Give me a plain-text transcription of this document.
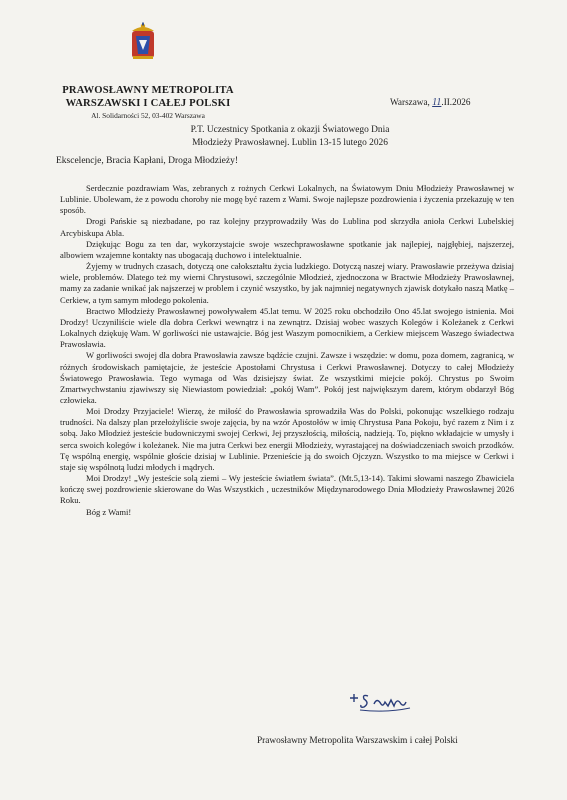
PRAWOSŁAWNY METROPOLITA
WARSZAWSKI I CAŁEJ POLSKI
Al. Solidarności 52, 03-402 Warszawa
Warszawa, 11.II.2026
P.T. Uczestnicy Spotkania z okazji Światowego Dnia
Młodzieży Prawosławnej. Lublin 13-15 lutego 2026
Ekscelencje, Bracia Kapłani, Droga Młodzieży!

Serdecznie pozdrawiam Was, zebranych z rożnych Cerkwi Lokalnych, na Światowym Dniu Młodzieży Prawosławnej w Lublinie. Ubolewam, że z powodu choroby nie mogę być razem z Wami. Swoje najlepsze pozdrowienia i życzenia przekazuję w ten sposób.

Drogi Pańskie są niezbadane, po raz kolejny przyprowadziły Was do Lublina pod skrzydła anioła Cerkwi Lubelskiej Arcybiskupa Abla.

Dziękując Bogu za ten dar, wykorzystajcie swoje wszechprawosławne spotkanie jak najlepiej, najgłębiej, najszerzej, albowiem wzajemne kontakty nas ubogacają duchowo i intelektualnie.

Żyjemy w trudnych czasach, dotyczą one całokształtu życia ludzkiego. Dotyczą naszej wiary. Prawosławie przeżywa dzisiaj wiele, problemów. Dlatego też my wierni Chrystusowi, szczególnie Młodzież, zjednoczona w Bractwie Młodzieży Prawosławnej, mamy za zadanie wnikać jak najszerzej w problem i czynić wszystko, by jak najmniej negatywnych zjawisk dotykało naszą Matkę – Cerkiew, a tym samym młodego pokolenia.

Bractwo Młodzieży Prawosławnej powoływałem 45.lat temu. W 2025 roku obchodziło Ono 45.lat swojego istnienia. Moi Drodzy! Uczyniliście wiele dla dobra Cerkwi wewnątrz i na zewnątrz. Dzisiaj wobec waszych Kolegów i Koleżanek z Cerkwi Lokalnych dziękuję Wam. W gorliwości nie ustawajcie. Bóg jest Waszym pomocnikiem, a Cerkiew miejscem Waszego świadectwa Prawosławia.

W gorliwości swojej dla dobra Prawosławia zawsze bądźcie czujni. Zawsze i wszędzie: w domu, poza domem, zagranicą, w różnych środowiskach pamiętajcie, że jesteście Apostołami Chrystusa i Cerkwi Prawosławnej. Dotyczy to całej Młodzieży Światowego Prawosławia. Tego wymaga od Was dzisiejszy świat. Ze wszystkimi miejcie pokój. Chrystus po Swoim Zmartwychwstaniu zjawiwszy się Niewiastom powiedział: „pokój Wam”. Pokój jest największym darem, którym obdarzył Bóg człowieka.

Moi Drodzy Przyjaciele! Wierzę, że miłość do Prawosławia sprowadziła Was do Polski, pokonując wszelkiego rodzaju trudności. Na dalszy plan przełożyliście swoje zajęcia, by na wzór Apostołów w imię Chrystusa Pana Pokoju, być razem z Nim i z sobą. Jako Młodzież jesteście budowniczymi swojej Cerkwi, Jej przyszłością, miłością, nadzieją. To, piękno wkładajcie w umysły i serca swoich kolegów i koleżanek. Nie ma jutra Cerkwi bez energii Młodzieży, wyrastającej na doświadczeniach swoich przodków. Tę wspólną energię, wspólnie głoście dzisiaj w Lublinie. Przenieście ją do swoich Ojczyzn. Wszystko to ma miejsce w Cerkwi i staje się wspólnotą ludzi młodych i mądrych.

Moi Drodzy! „Wy jesteście solą ziemi – Wy jesteście światłem świata”. (Mt.5,13-14). Takimi słowami naszego Zbawiciela kończę swej pozdrowienie skierowane do Was Wszystkich , uczestników Międzynarodowego Dnia Młodzieży Prawosławnej 2026 Roku.

Bóg z Wami!

Prawosławny Metropolita Warszawskim i całej Polski
